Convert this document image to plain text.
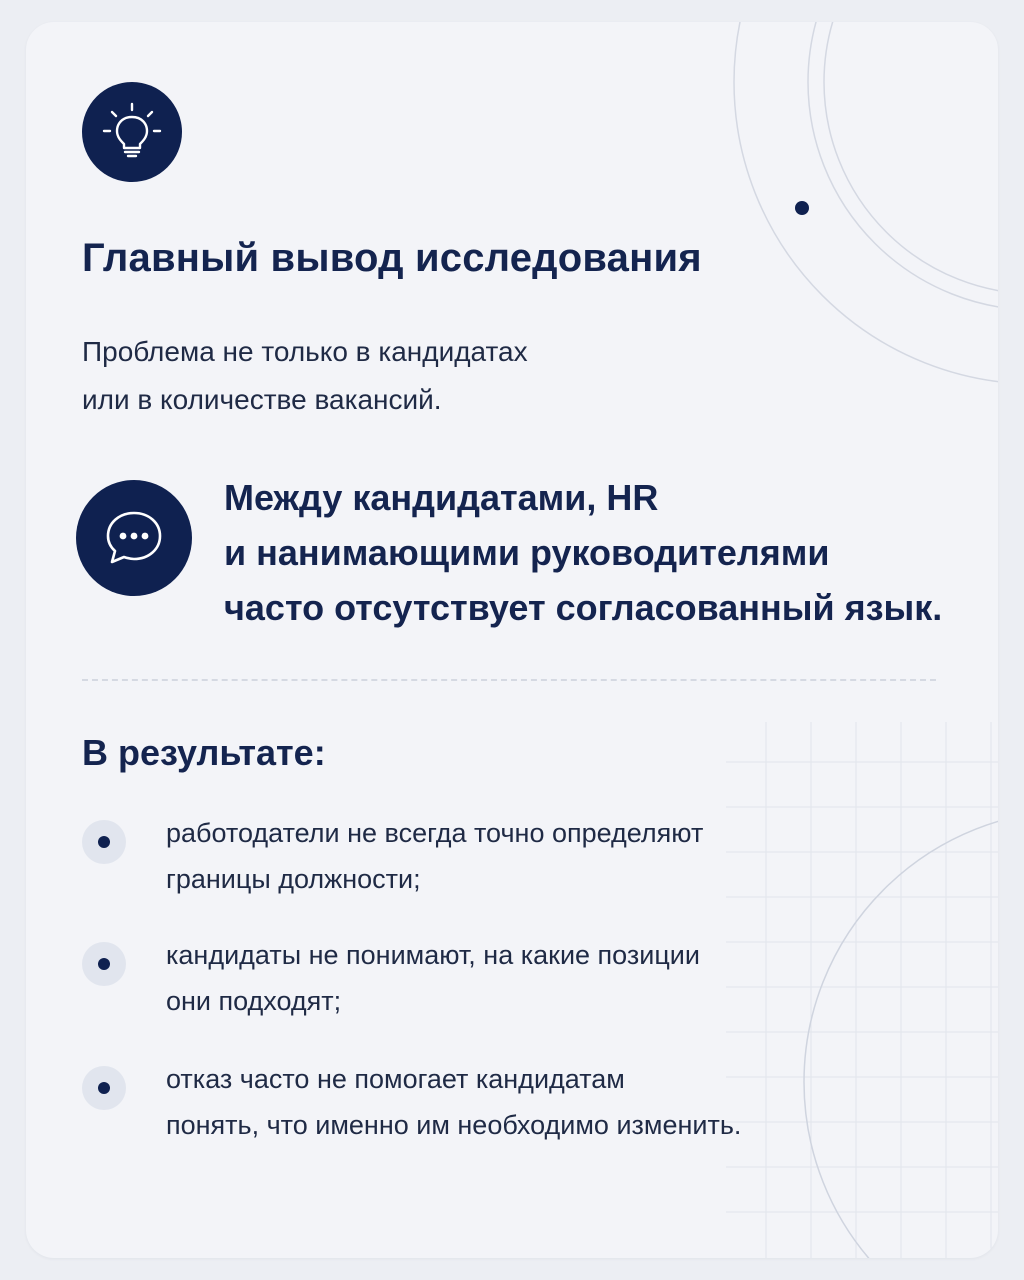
Главный вывод исследования

Проблема не только в кандидатах
или в количестве вакансий.

Между кандидатами, HR
и нанимающими руководителями
часто отсутствует согласованный язык.

В результате:

работодатели не всегда точно определяют
границы должности;

кандидаты не понимают, на какие позиции
они подходят;

отказ часто не помогает кандидатам
понять, что именно им необходимо изменить.
